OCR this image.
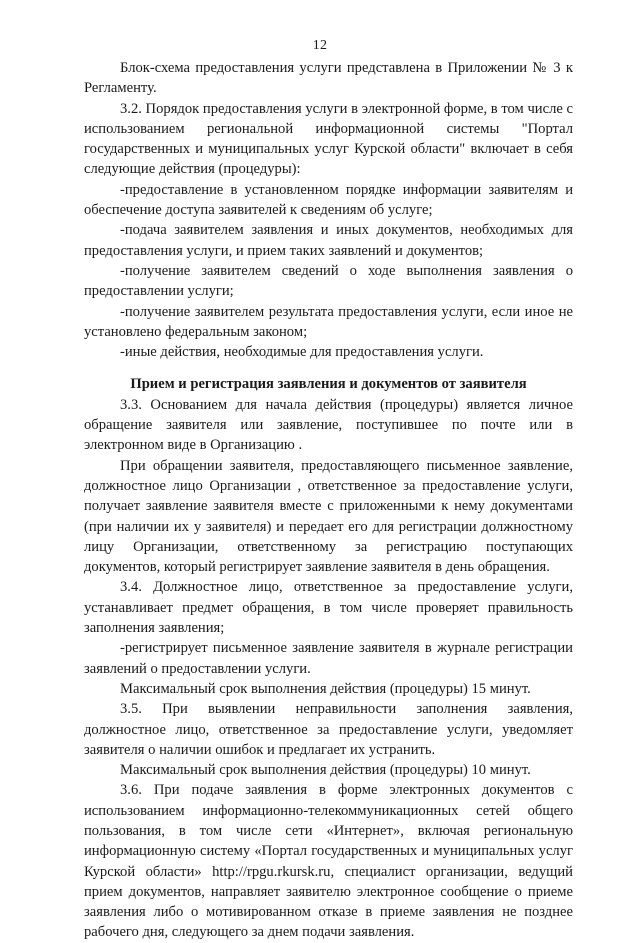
12

Блок-схема предоставления услуги представлена в Приложении № 3 к Регламенту.

3.2. Порядок предоставления услуги в электронной форме, в том числе с использованием региональной информационной системы "Портал государственных и муниципальных услуг Курской области" включает в себя следующие действия (процедуры):

-предоставление в установленном порядке информации заявителям и обеспечение доступа заявителей к сведениям об услуге;

-подача заявителем заявления и иных документов, необходимых для предоставления услуги, и прием таких заявлений и документов;

-получение заявителем сведений о ходе выполнения заявления о предоставлении услуги;

-получение заявителем результата предоставления услуги, если иное не установлено федеральным законом;

-иные действия, необходимые для предоставления услуги.

Прием и регистрация заявления и документов от заявителя

3.3. Основанием для начала действия (процедуры) является личное обращение заявителя или заявление, поступившее по почте или в электронном виде в Организацию .

При обращении заявителя, предоставляющего письменное заявление, должностное лицо Организации , ответственное за предоставление услуги, получает заявление заявителя вместе с приложенными к нему документами (при наличии их у заявителя) и передает его для регистрации должностному лицу Организации, ответственному за регистрацию поступающих документов, который регистрирует заявление заявителя в день обращения.

3.4. Должностное лицо, ответственное за предоставление услуги, устанавливает предмет обращения, в том числе проверяет правильность заполнения заявления;

-регистрирует письменное заявление заявителя в журнале регистрации заявлений о предоставлении услуги.

Максимальный срок выполнения действия (процедуры) 15 минут.

3.5. При выявлении неправильности заполнения заявления, должностное лицо, ответственное за предоставление услуги, уведомляет заявителя о наличии ошибок и предлагает их устранить.

Максимальный срок выполнения действия (процедуры) 10 минут.

3.6. При подаче заявления в форме электронных документов с использованием информационно-телекоммуникационных сетей общего пользования, в том числе сети «Интернет», включая региональную информационную систему «Портал государственных и муниципальных услуг Курской области» http://rpgu.rkursk.ru, специалист организации, ведущий прием документов, направляет заявителю электронное сообщение о приеме заявления либо о мотивированном отказе в приеме заявления не позднее рабочего дня, следующего за днем подачи заявления.
